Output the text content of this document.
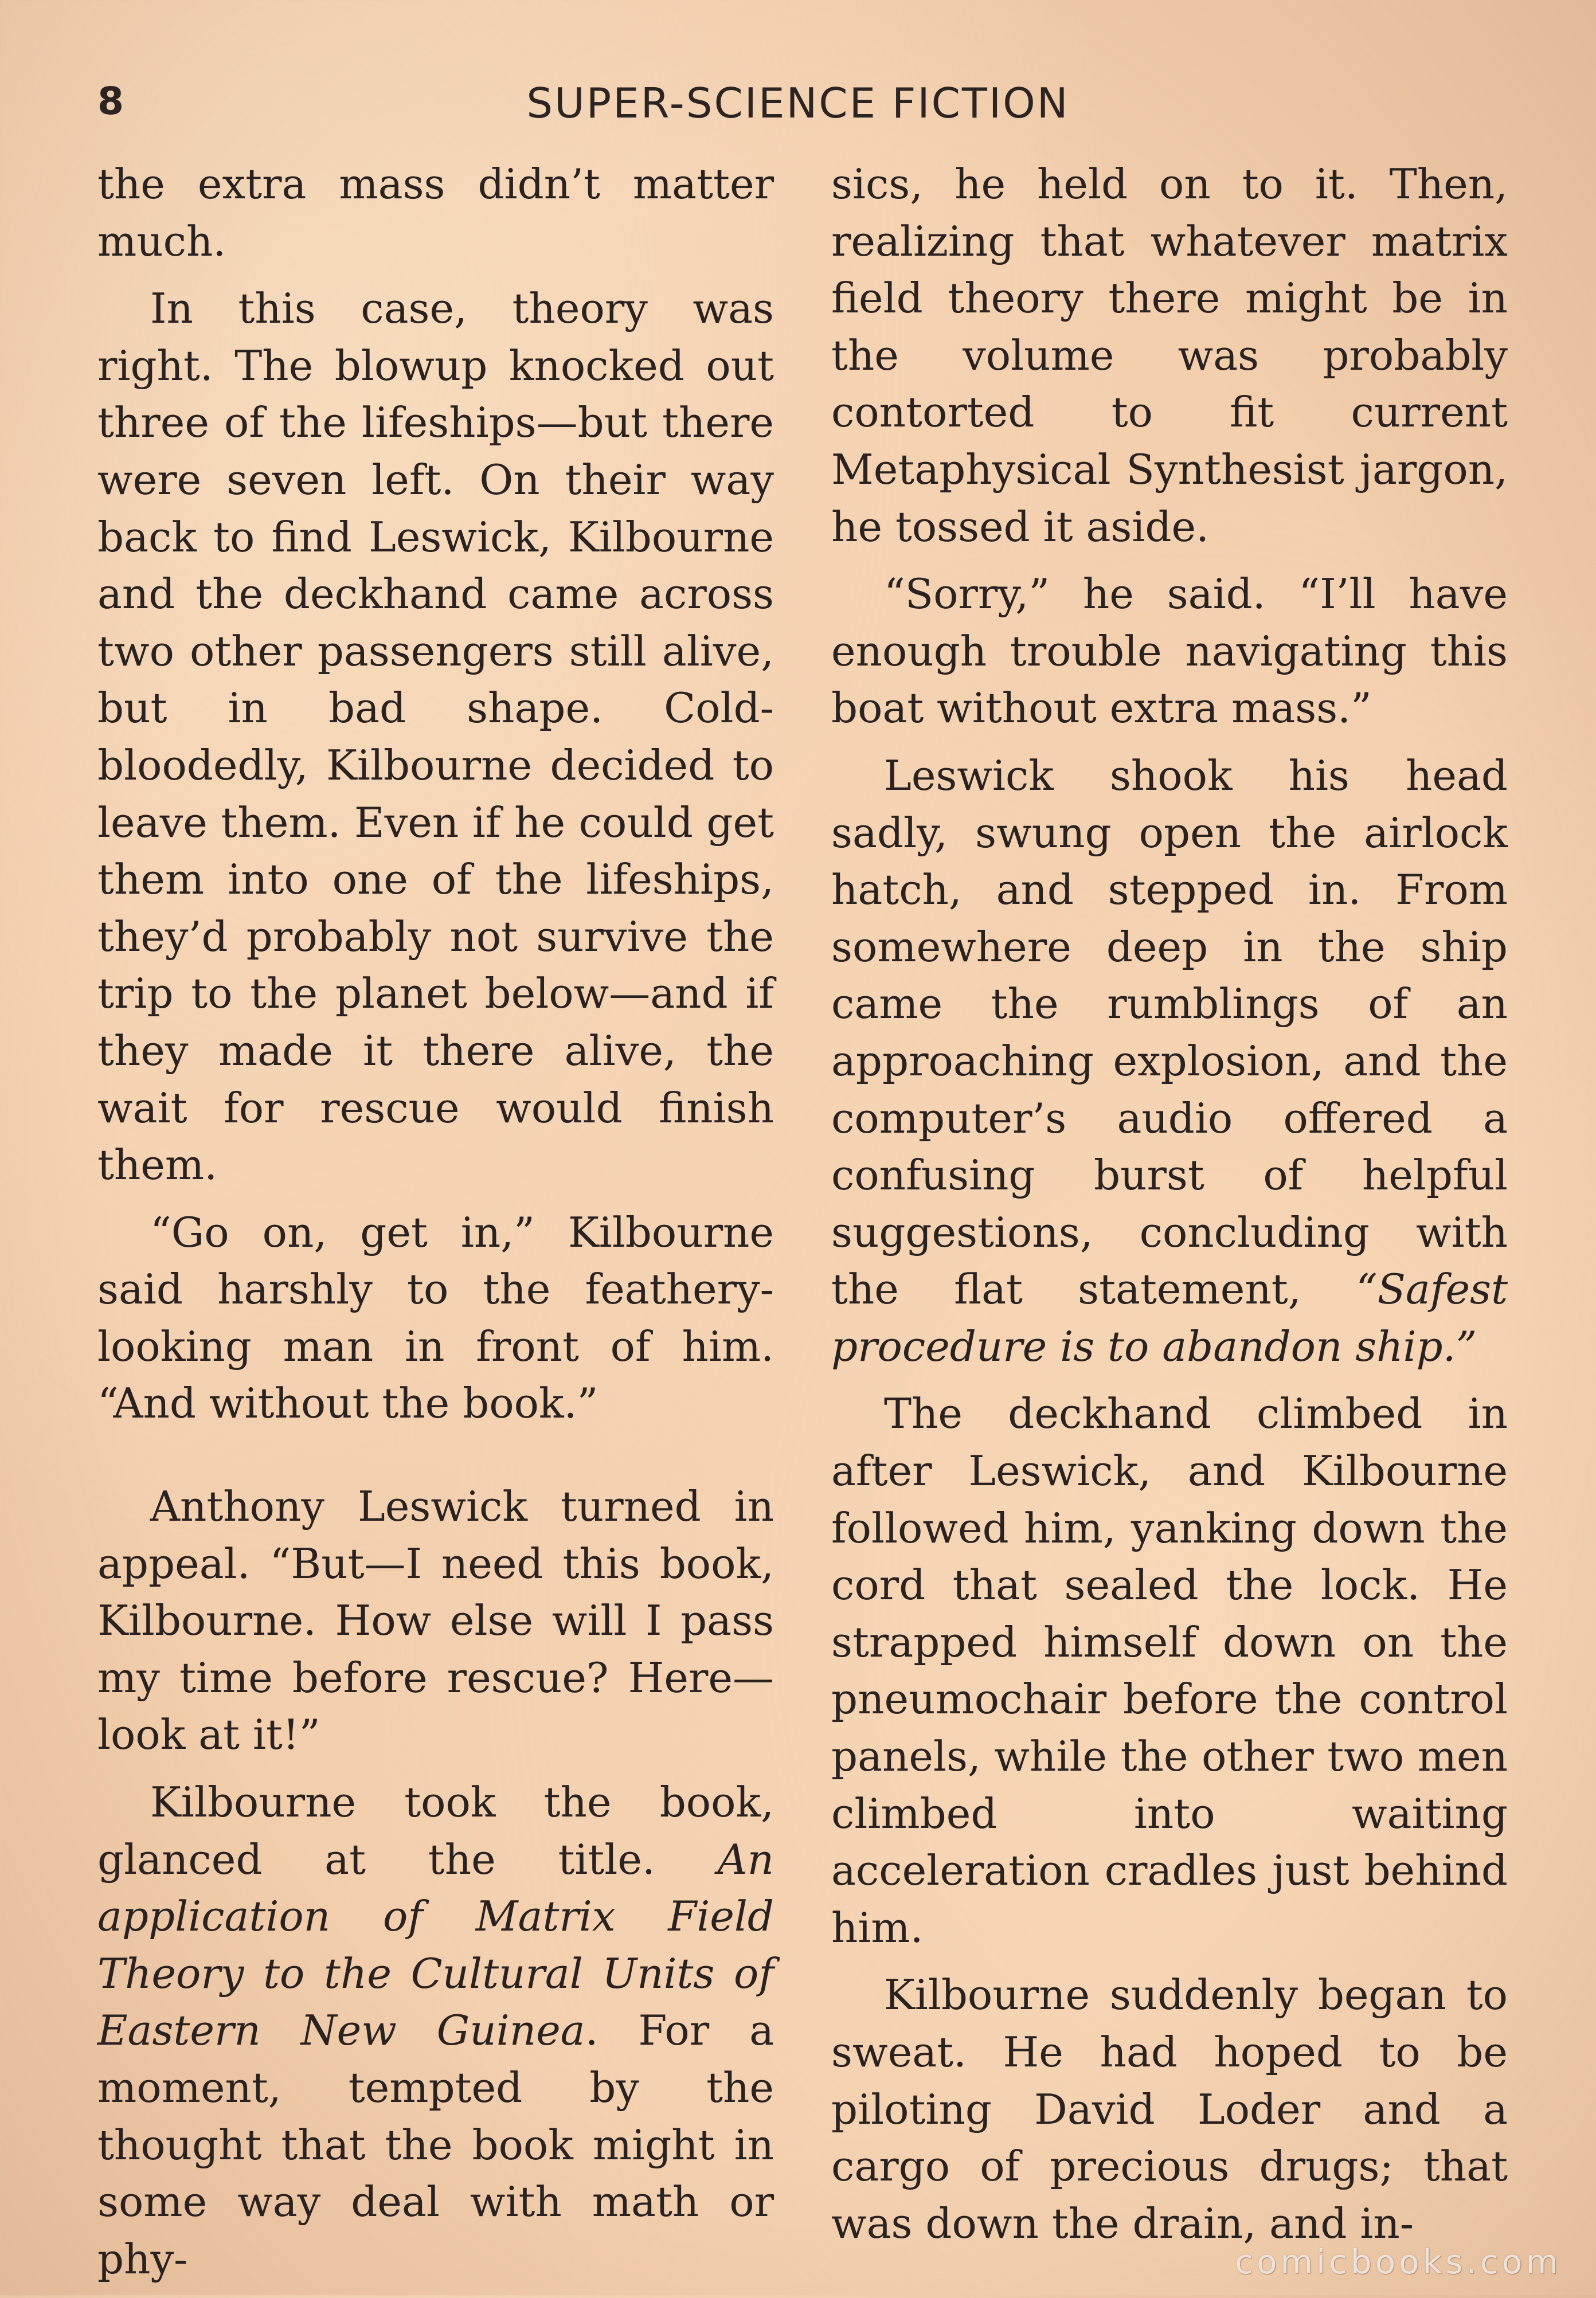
8	SUPER-SCIENCE FICTION

the extra mass didn’t matter much.

In this case, theory was right. The blowup knocked out three of the lifeships—but there were seven left. On their way back to find Leswick, Kilbourne and the deckhand came across two other passengers still alive, but in bad shape. Cold-bloodedly, Kilbourne decided to leave them. Even if he could get them into one of the lifeships, they’d probably not survive the trip to the planet below—and if they made it there alive, the wait for rescue would finish them.

“Go on, get in,” Kilbourne said harshly to the feathery-looking man in front of him. “And without the book.”

Anthony Leswick turned in appeal. “But—I need this book, Kilbourne. How else will I pass my time before rescue? Here—look at it!”

Kilbourne took the book, glanced at the title. An application of Matrix Field Theory to the Cultural Units of Eastern New Guinea. For a moment, tempted by the thought that the book might in some way deal with math or phy-

sics, he held on to it. Then, realizing that whatever matrix field theory there might be in the volume was probably contorted to fit current Metaphysical Synthesist jargon, he tossed it aside.

“Sorry,” he said. “I’ll have enough trouble navigating this boat without extra mass.”

Leswick shook his head sadly, swung open the airlock hatch, and stepped in. From somewhere deep in the ship came the rumblings of an approaching explosion, and the computer’s audio offered a confusing burst of helpful suggestions, concluding with the flat statement, “Safest procedure is to abandon ship.”

The deckhand climbed in after Leswick, and Kilbourne followed him, yanking down the cord that sealed the lock. He strapped himself down on the pneumochair before the control panels, while the other two men climbed into waiting acceleration cradles just behind him.

Kilbourne suddenly began to sweat. He had hoped to be piloting David Loder and a cargo of precious drugs; that was down the drain, and in-

comicbooks.com
